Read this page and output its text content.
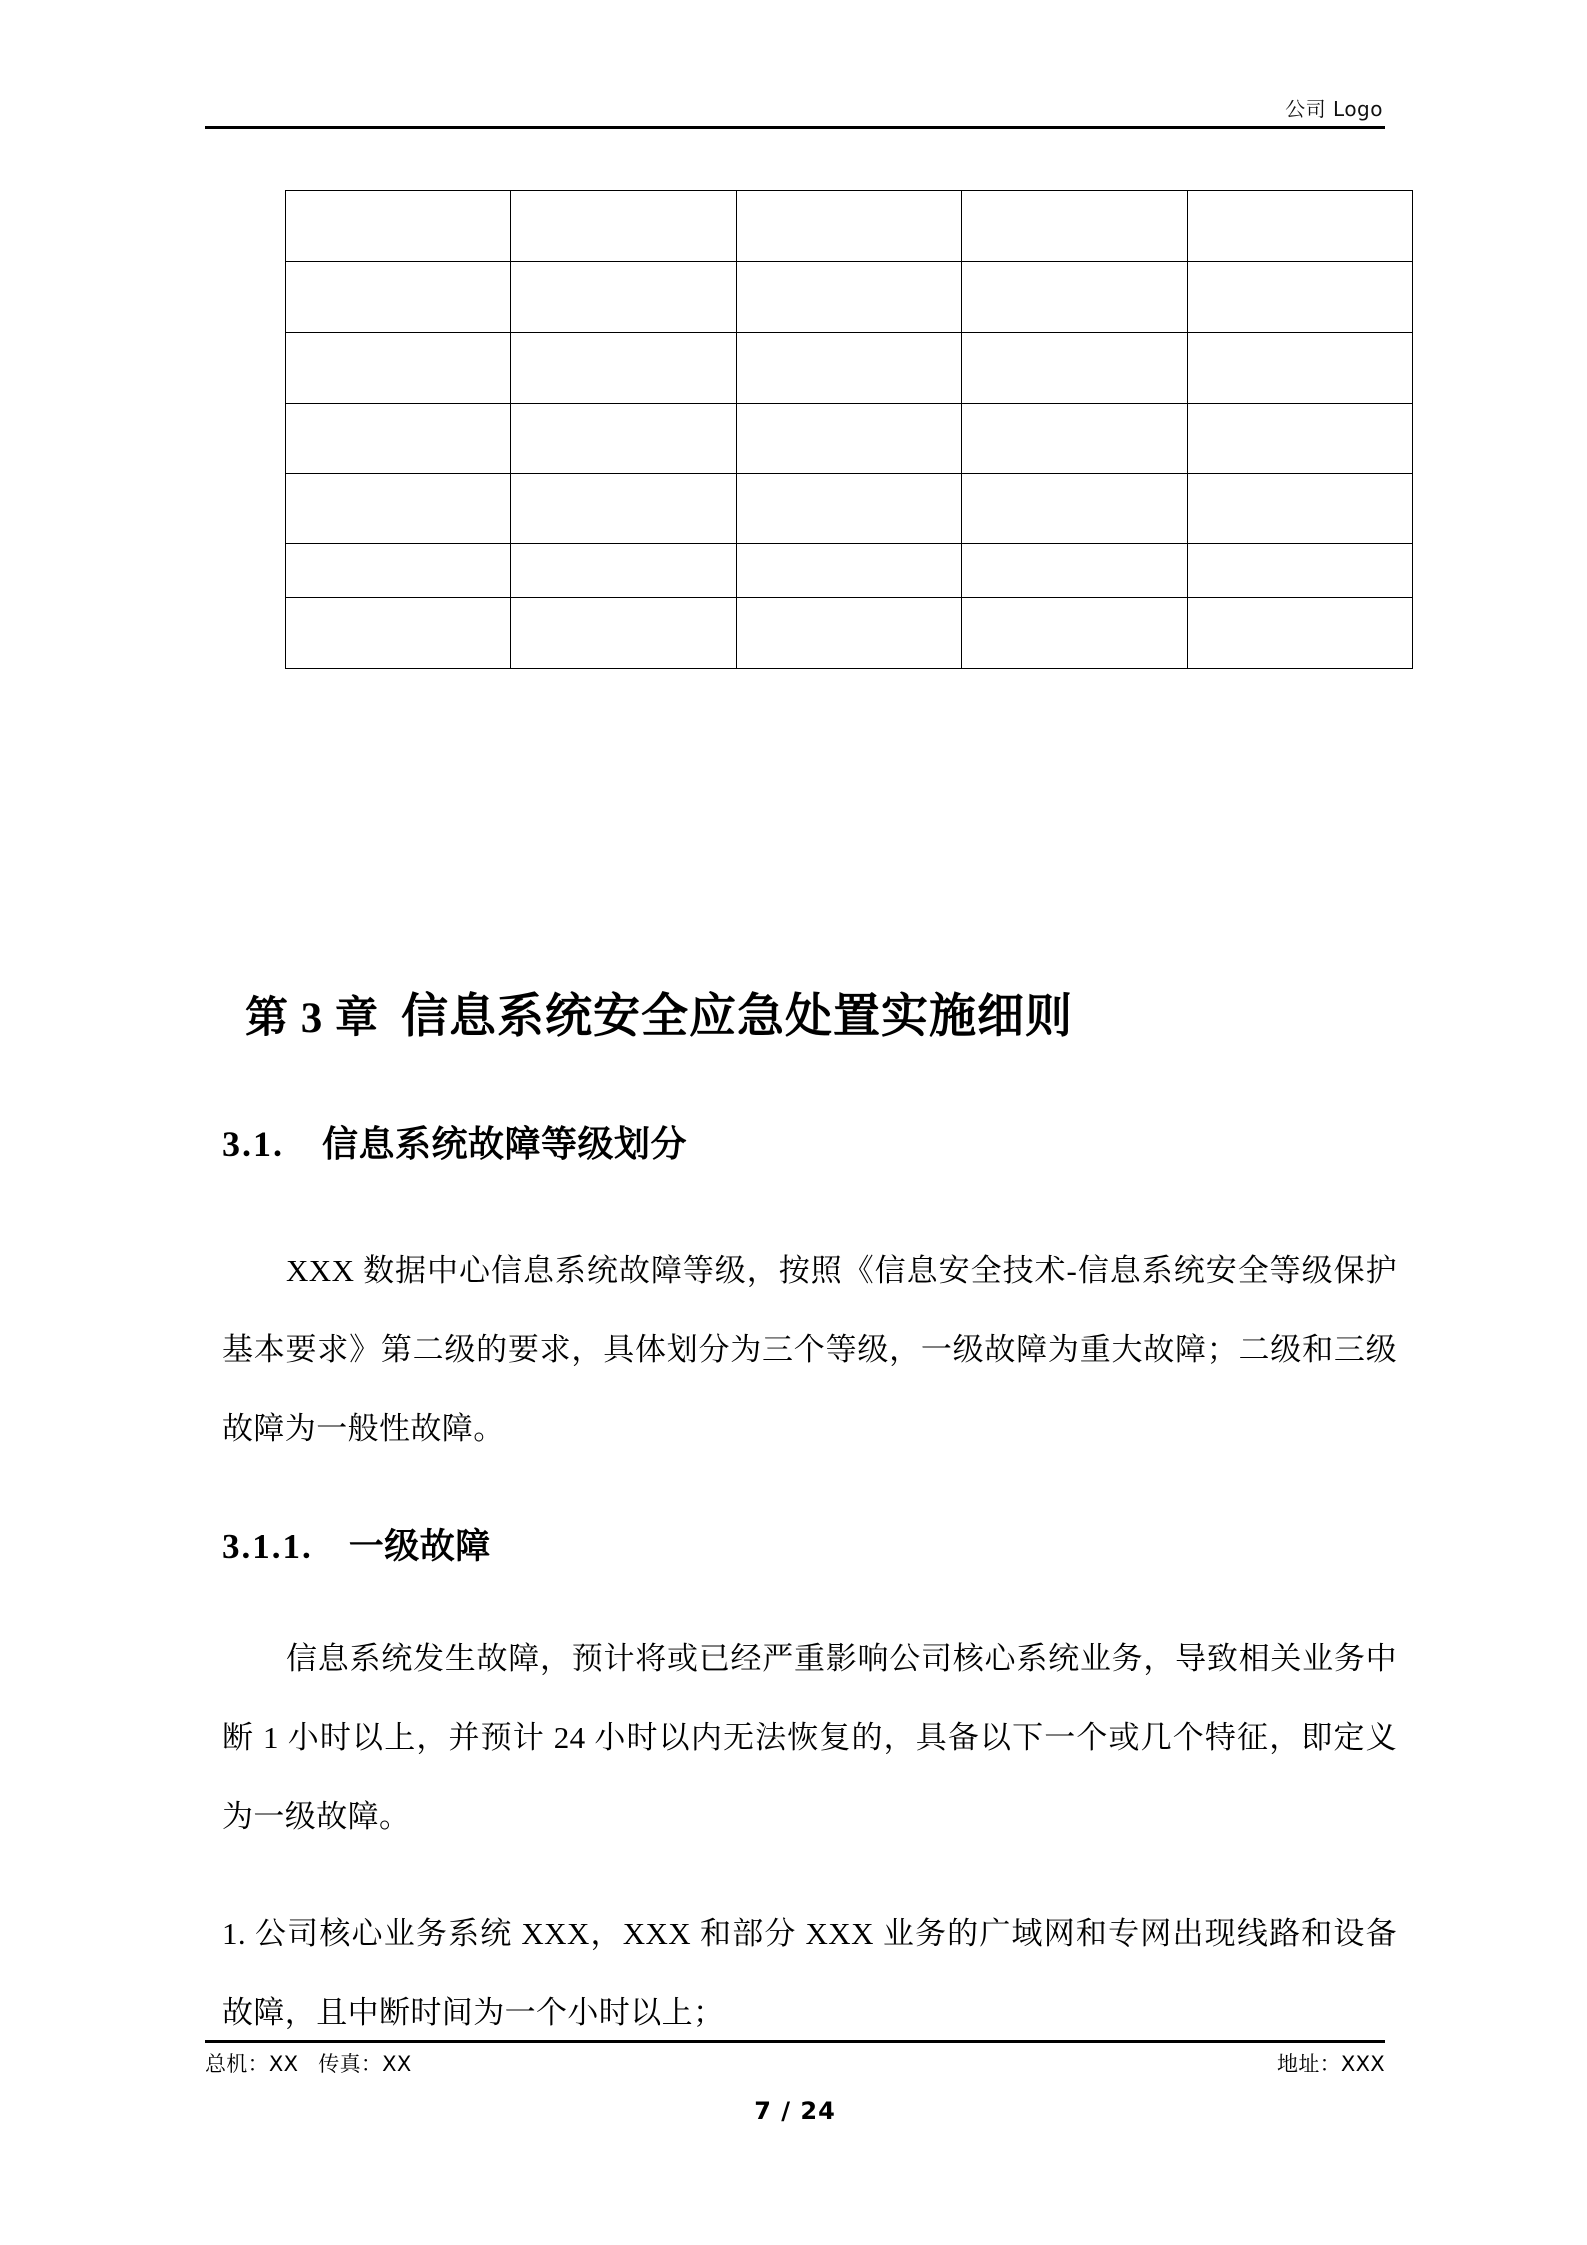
公司 Logo

第 3 章 信息系统安全应急处置实施细则
3.1. 信息系统故障等级划分

XXX 数据中心信息系统故障等级，按照《信息安全技术-信息系统安全等级保护基本要求》第二级的要求，具体划分为三个等级，一级故障为重大故障；二级和三级故障为一般性故障。

3.1.1. 一级故障

信息系统发生故障，预计将或已经严重影响公司核心系统业务，导致相关业务中断 1 小时以上，并预计 24 小时以内无法恢复的，具备以下一个或几个特征，即定义为一级故障。

1. 公司核心业务系统 XXX，XXX 和部分 XXX 业务的广域网和专网出现线路和设备故障，且中断时间为一个小时以上；

总机：XX 传真：XX	地址：XXX
7 / 24
